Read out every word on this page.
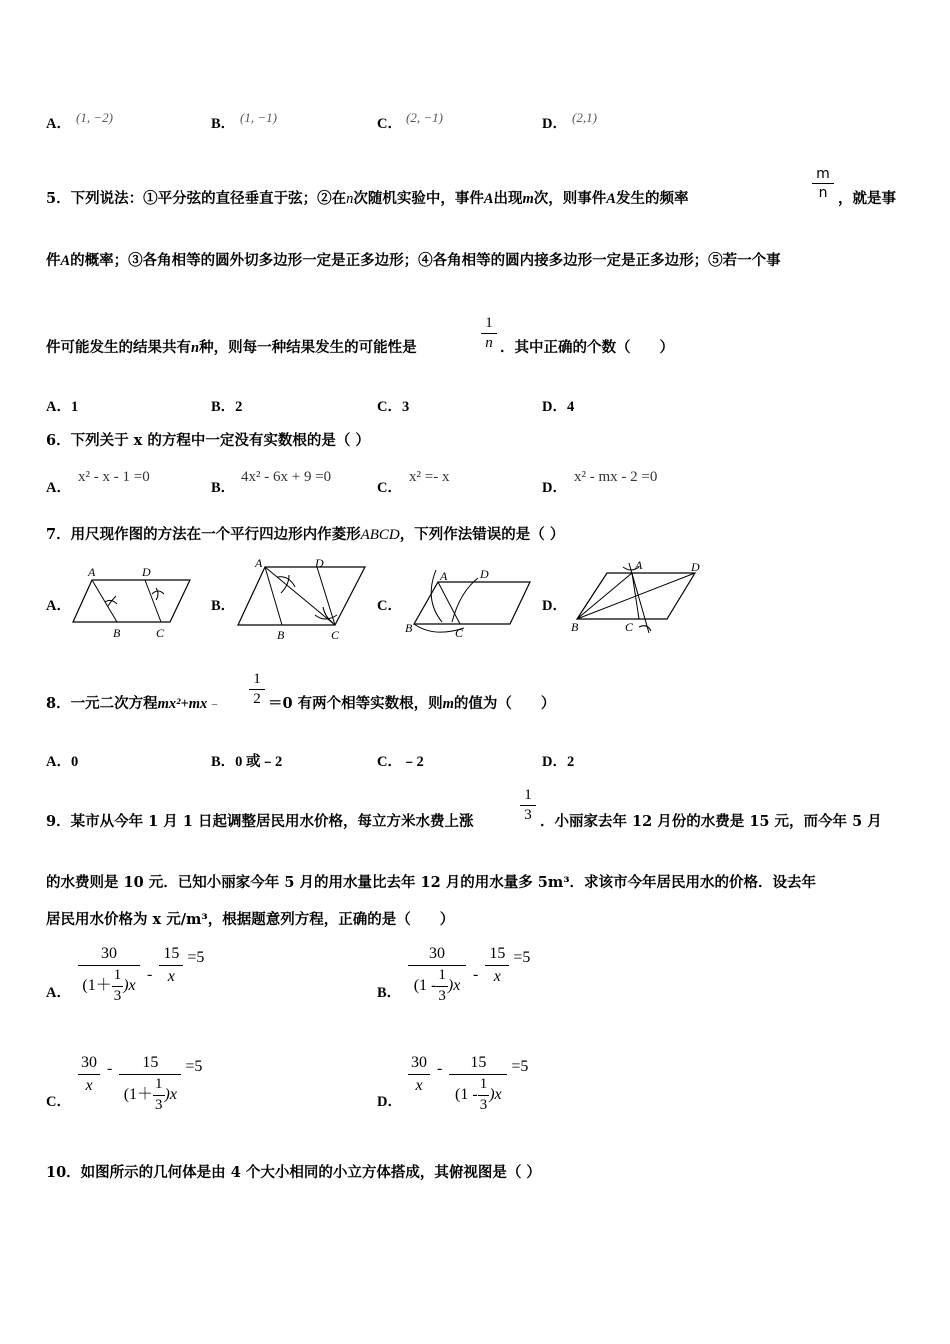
A． (1, −2)	B． (1, −1)	C． (2, −1)	D． (2,1)
5．下列说法：①平分弦的直径垂直于弦；②在n次随机实验中，事件A出现m次，则事件A发生的频率
m
n ，就是事
件A的概率；③各角相等的圆外切多边形一定是正多边形；④各角相等的圆内接多边形一定是正多边形；⑤若一个事
件可能发生的结果共有n种，则每一种结果发生的可能性是
1
n ．其中正确的个数（　　）
A．1	B．2	C．3	D．4
6．下列关于 x 的方程中一定没有实数根的是（ ）
A．
x² - x - 1 =0
B．
4x² - 6x + 9 =0
C．
x² =- x
D．
x² - mx - 2 =0
7．用尺现作图的方法在一个平行四边形内作菱形ABCD，下列作法错误的是（ ）
A．
A	D
B	C
B．
A	D
B	C
C．
A	D
B	C
D．
A	D
B	C
8．一元二次方程mx²+mx﹣
1
2 ＝0 有两个相等实数根，则m的值为（　　）
A．0	B．0 或﹣2	C．﹣2	D．2
9．某市从今年 1 月 1 日起调整居民用水价格，每立方米水费上涨
1
3 ．小丽家去年 12 月份的水费是 15 元，而今年 5 月
的水费则是 10 元．已知小丽家今年 5 月的用水量比去年 12 月的用水量多 5m³．求该市今年居民用水的价格．设去年
居民用水价格为 x 元/m³，根据题意列方程，正确的是（　　）
A． $\frac{30}{(1+ \frac{1}{3} )x} - \frac{15}{x} =5$
B． $\frac{30}{(1 - \frac{1}{3} )x} - \frac{15}{x} =5$
C．
$\frac{30}{x} - \frac{15}{(1+ \frac{1}{3} )x} =5$
D．
$\frac{30}{x} - \frac{15}{(1 - \frac{1}{3} )x} =5$
10．如图所示的几何体是由 4 个大小相同的小立方体搭成，其俯视图是（ ）
